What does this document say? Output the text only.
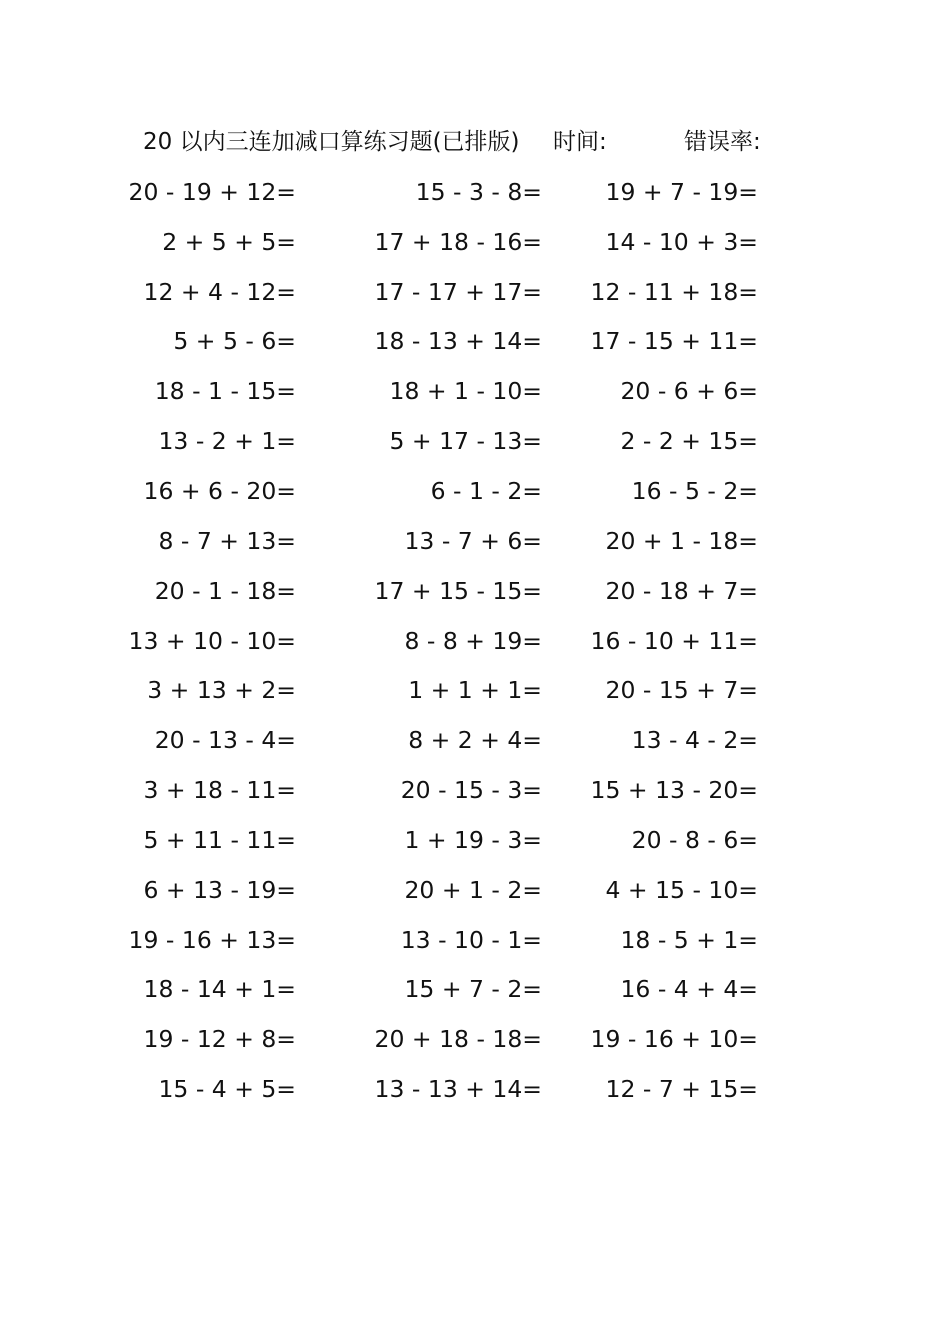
20 以内三连加减口算练习题(已排版) 时间:	错误率:
20 - 19 + 12=	15 - 3 - 8=	19 + 7 - 19=
2 + 5 + 5=	17 + 18 - 16=	14 - 10 + 3=
12 + 4 - 12=	17 - 17 + 17=	12 - 11 + 18=
5 + 5 - 6=	18 - 13 + 14=	17 - 15 + 11=
18 - 1 - 15=	18 + 1 - 10=	20 - 6 + 6=
13 - 2 + 1=	5 + 17 - 13=	2 - 2 + 15=
16 + 6 - 20=	6 - 1 - 2=	16 - 5 - 2=
8 - 7 + 13=	13 - 7 + 6=	20 + 1 - 18=
20 - 1 - 18=	17 + 15 - 15=	20 - 18 + 7=
13 + 10 - 10=	8 - 8 + 19=	16 - 10 + 11=
3 + 13 + 2=	1 + 1 + 1=	20 - 15 + 7=
20 - 13 - 4=	8 + 2 + 4=	13 - 4 - 2=
3 + 18 - 11=	20 - 15 - 3=	15 + 13 - 20=
5 + 11 - 11=	1 + 19 - 3=	20 - 8 - 6=
6 + 13 - 19=	20 + 1 - 2=	4 + 15 - 10=
19 - 16 + 13=	13 - 10 - 1=	18 - 5 + 1=
18 - 14 + 1=	15 + 7 - 2=	16 - 4 + 4=
19 - 12 + 8=	20 + 18 - 18=	19 - 16 + 10=
15 - 4 + 5=	13 - 13 + 14=	12 - 7 + 15=
